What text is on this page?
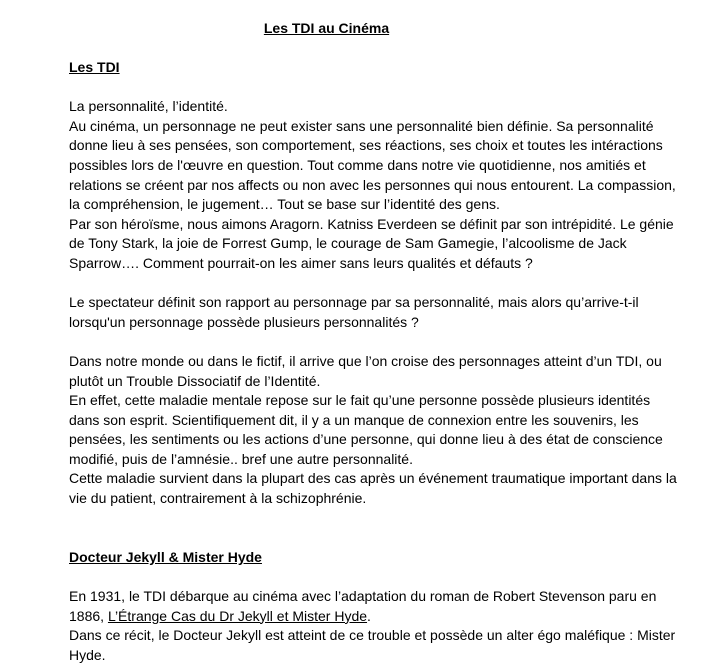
Les TDI au Cinéma
Les TDI

La personnalité, l’identité.
Au cinéma, un personnage ne peut exister sans une personnalité bien définie. Sa personnalité donne lieu à ses pensées, son comportement, ses réactions, ses choix et toutes les intéractions possibles lors de l'œuvre en question. Tout comme dans notre vie quotidienne, nos amitiés et relations se créent par nos affects ou non avec les personnes qui nous entourent. La compassion, la compréhension, le jugement… Tout se base sur l’identité des gens.
Par son héroïsme, nous aimons Aragorn. Katniss Everdeen se définit par son intrépidité. Le génie de Tony Stark, la joie de Forrest Gump, le courage de Sam Gamegie, l’alcoolisme de Jack Sparrow…. Comment pourrait-on les aimer sans leurs qualités et défauts ?

Le spectateur définit son rapport au personnage par sa personnalité, mais alors qu’arrive-t-il lorsqu'un personnage possède plusieurs personnalités ?

Dans notre monde ou dans le fictif, il arrive que l’on croise des personnages atteint d’un TDI, ou plutôt un Trouble Dissociatif de l’Identité.
En effet, cette maladie mentale repose sur le fait qu’une personne possède plusieurs identités dans son esprit. Scientifiquement dit, il y a un manque de connexion entre les souvenirs, les pensées, les sentiments ou les actions d’une personne, qui donne lieu à des état de conscience modifié, puis de l’amnésie.. bref une autre personnalité.
Cette maladie survient dans la plupart des cas après un événement traumatique important dans la vie du patient, contrairement à la schizophrénie.

Docteur Jekyll & Mister Hyde

En 1931, le TDI débarque au cinéma avec l’adaptation du roman de Robert Stevenson paru en 1886, L’Étrange Cas du Dr Jekyll et Mister Hyde.

Dans ce récit, le Docteur Jekyll est atteint de ce trouble et possède un alter égo maléfique : Mister Hyde.
